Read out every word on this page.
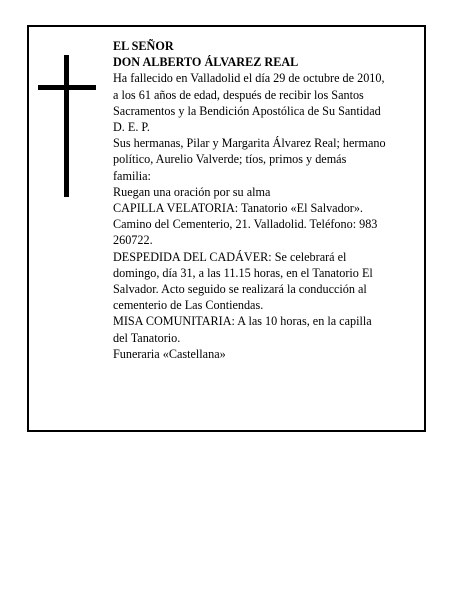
EL SEÑOR
DON ALBERTO ÁLVAREZ REAL
Ha fallecido en Valladolid el día 29 de octubre de 2010,
a los 61 años de edad, después de recibir los Santos
Sacramentos y la Bendición Apostólica de Su Santidad
D. E. P.
Sus hermanas, Pilar y Margarita Álvarez Real; hermano
político, Aurelio Valverde; tíos, primos y demás
familia:
Ruegan una oración por su alma
CAPILLA VELATORIA: Tanatorio «El Salvador».
Camino del Cementerio, 21. Valladolid. Teléfono: 983
260722.
DESPEDIDA DEL CADÁVER: Se celebrará el
domingo, día 31, a las 11.15 horas, en el Tanatorio El
Salvador. Acto seguido se realizará la conducción al
cementerio de Las Contiendas.
MISA COMUNITARIA: A las 10 horas, en la capilla
del Tanatorio.
Funeraria «Castellana»
